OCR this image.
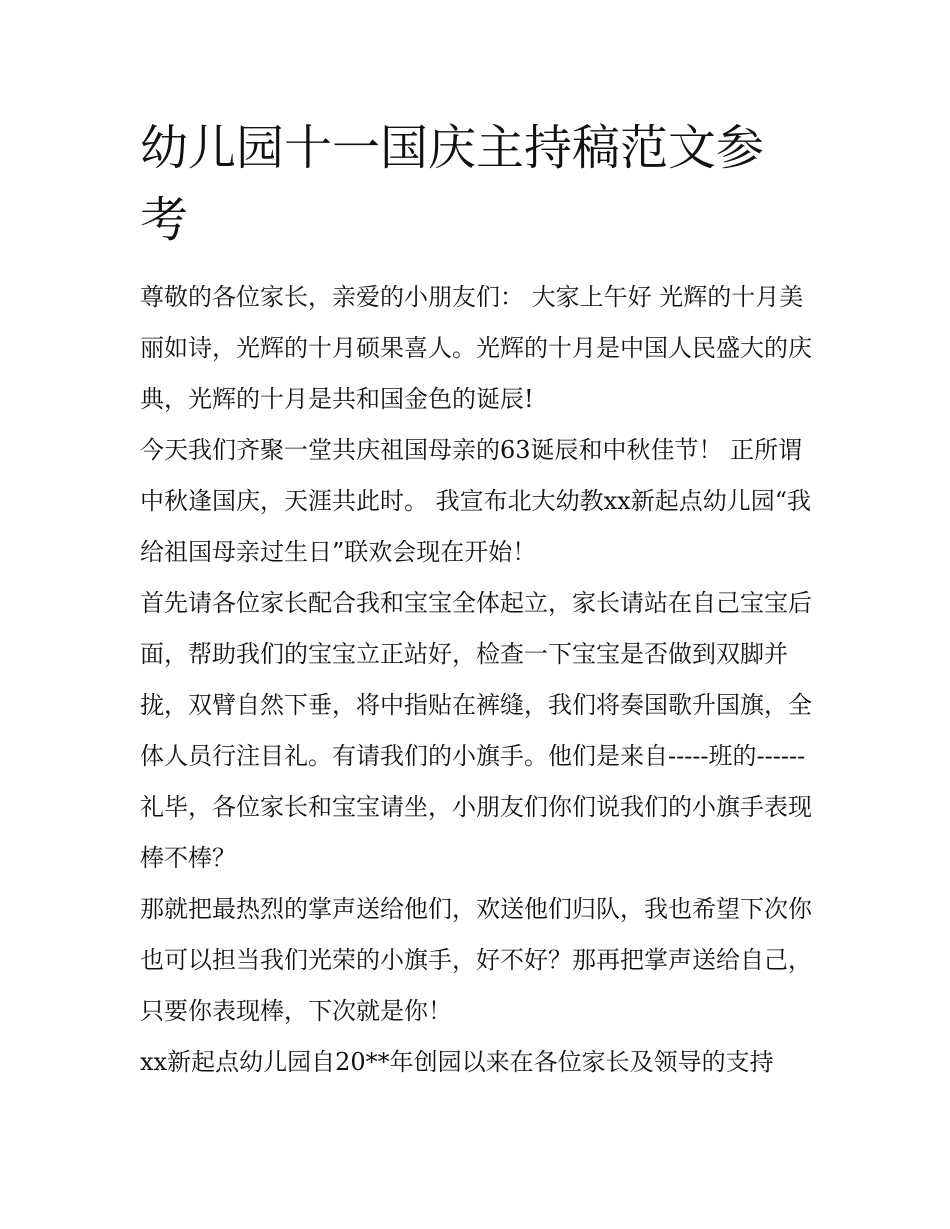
幼儿园十一国庆主持稿范文参考

尊敬的各位家长，亲爱的小朋友们： 大家上午好 光辉的十月美丽如诗，光辉的十月硕果喜人。光辉的十月是中国人民盛大的庆典，光辉的十月是共和国金色的诞辰!

今天我们齐聚一堂共庆祖国母亲的63诞辰和中秋佳节！ 正所谓中秋逢国庆，天涯共此时。 我宣布北大幼教xx新起点幼儿园“我给祖国母亲过生日”联欢会现在开始！

首先请各位家长配合我和宝宝全体起立，家长请站在自己宝宝后面，帮助我们的宝宝立正站好，检查一下宝宝是否做到双脚并拢，双臂自然下垂，将中指贴在裤缝，我们将奏国歌升国旗，全体人员行注目礼。有请我们的小旗手。他们是来自-----班的------ 礼毕，各位家长和宝宝请坐，小朋友们你们说我们的小旗手表现棒不棒？

那就把最热烈的掌声送给他们，欢送他们归队，我也希望下次你也可以担当我们光荣的小旗手，好不好？那再把掌声送给自己，只要你表现棒，下次就是你！

xx新起点幼儿园自20**年创园以来在各位家长及领导的支持
